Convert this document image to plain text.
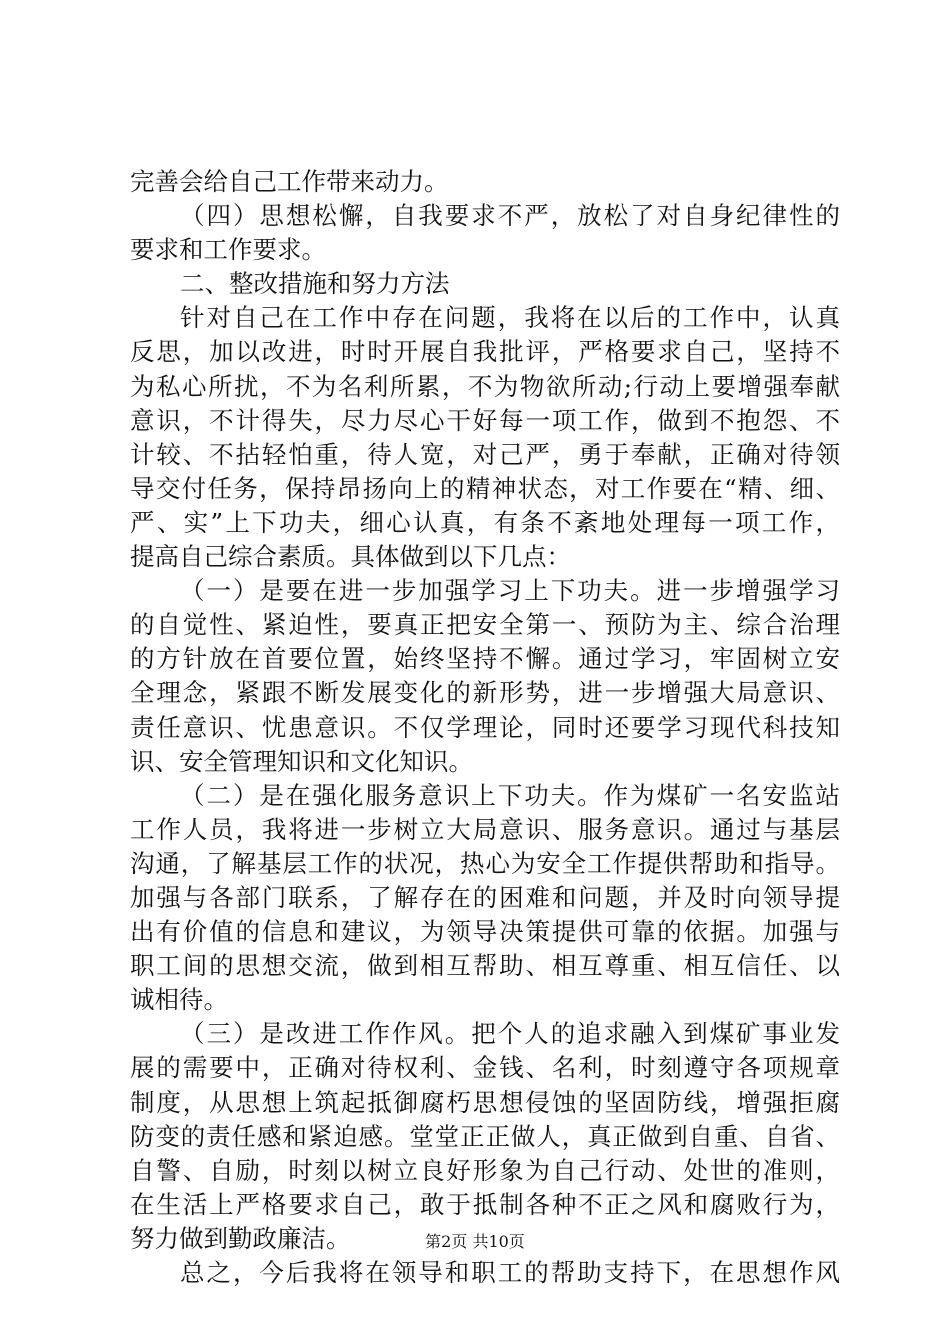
完善会给自己工作带来动力。
（四）思想松懈，自我要求不严，放松了对自身纪律性的
要求和工作要求。
二、整改措施和努力方法
针对自己在工作中存在问题，我将在以后的工作中，认真
反思，加以改进，时时开展自我批评，严格要求自己，坚持不
为私心所扰，不为名利所累，不为物欲所动;行动上要增强奉献
意识，不计得失，尽力尽心干好每一项工作，做到不抱怨、不
计较、不拈轻怕重，待人宽，对己严，勇于奉献，正确对待领
导交付任务，保持昂扬向上的精神状态，对工作要在“精、细、
严、实”上下功夫，细心认真，有条不紊地处理每一项工作，
提高自己综合素质。具体做到以下几点：
（一）是要在进一步加强学习上下功夫。进一步增强学习
的自觉性、紧迫性，要真正把安全第一、预防为主、综合治理
的方针放在首要位置，始终坚持不懈。通过学习，牢固树立安
全理念，紧跟不断发展变化的新形势，进一步增强大局意识、
责任意识、忧患意识。不仅学理论，同时还要学习现代科技知
识、安全管理知识和文化知识。
（二）是在强化服务意识上下功夫。作为煤矿一名安监站
工作人员，我将进一步树立大局意识、服务意识。通过与基层
沟通，了解基层工作的状况，热心为安全工作提供帮助和指导。
加强与各部门联系，了解存在的困难和问题，并及时向领导提
出有价值的信息和建议，为领导决策提供可靠的依据。加强与
职工间的思想交流，做到相互帮助、相互尊重、相互信任、以
诚相待。
（三）是改进工作作风。把个人的追求融入到煤矿事业发
展的需要中，正确对待权利、金钱、名利，时刻遵守各项规章
制度，从思想上筑起抵御腐朽思想侵蚀的坚固防线，增强拒腐
防变的责任感和紧迫感。堂堂正正做人，真正做到自重、自省、
自警、自励，时刻以树立良好形象为自己行动、处世的准则，
在生活上严格要求自己，敢于抵制各种不正之风和腐败行为，
努力做到勤政廉洁。
总之，今后我将在领导和职工的帮助支持下，在思想作风
第2页 共10页
